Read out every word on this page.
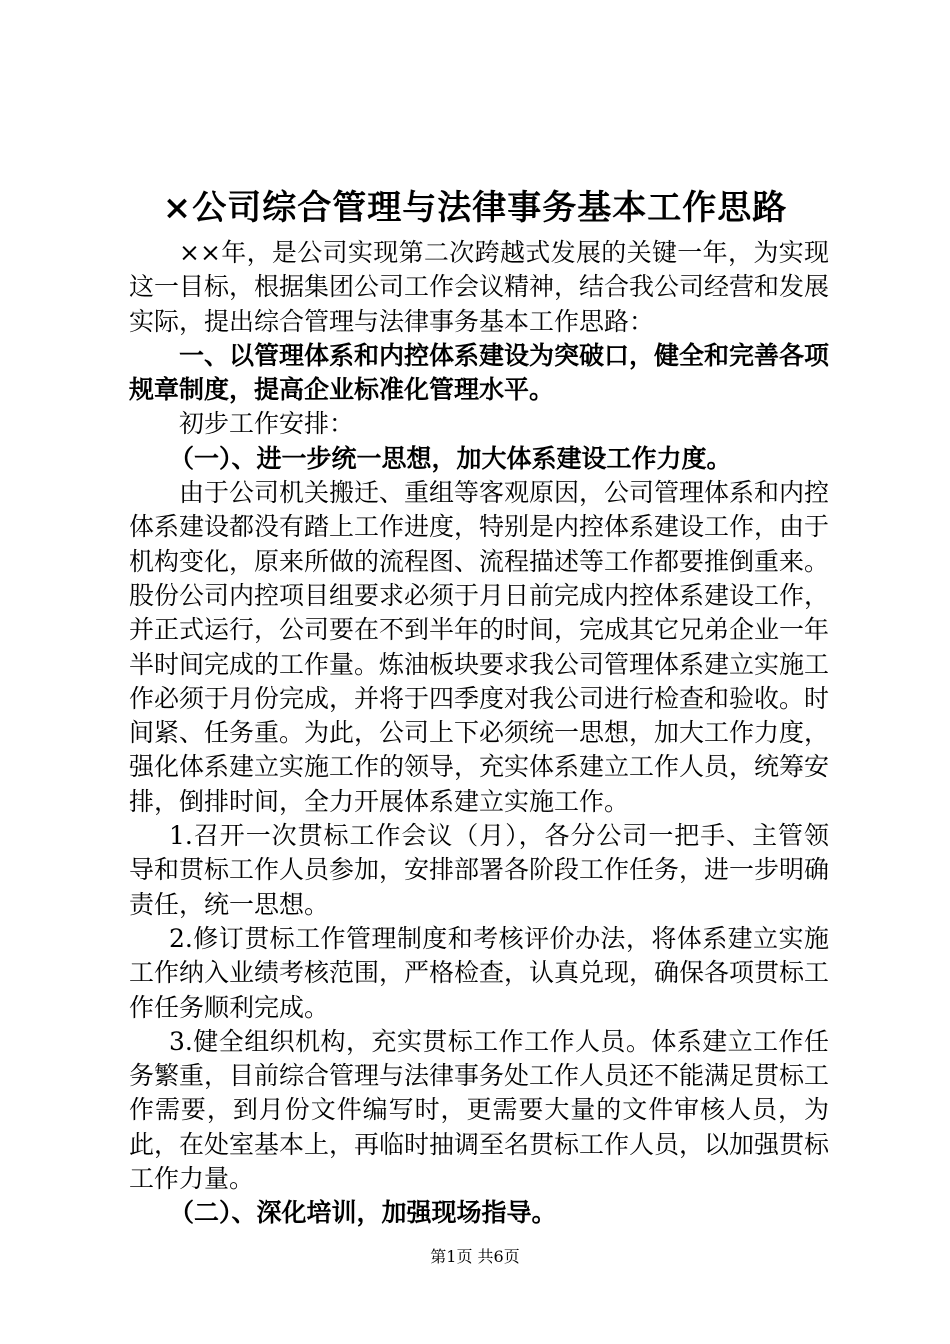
×公司综合管理与法律事务基本工作思路

××年，是公司实现第二次跨越式发展的关键一年，为实现这一目标，根据集团公司工作会议精神，结合我公司经营和发展实际，提出综合管理与法律事务基本工作思路：

一、以管理体系和内控体系建设为突破口，健全和完善各项规章制度，提高企业标准化管理水平。

初步工作安排：

（一）、进一步统一思想，加大体系建设工作力度。

由于公司机关搬迁、重组等客观原因，公司管理体系和内控体系建设都没有踏上工作进度，特别是内控体系建设工作，由于机构变化，原来所做的流程图、流程描述等工作都要推倒重来。股份公司内控项目组要求必须于月日前完成内控体系建设工作，并正式运行，公司要在不到半年的时间，完成其它兄弟企业一年半时间完成的工作量。炼油板块要求我公司管理体系建立实施工作必须于月份完成，并将于四季度对我公司进行检查和验收。时间紧、任务重。为此，公司上下必须统一思想，加大工作力度，强化体系建立实施工作的领导，充实体系建立工作人员，统筹安排，倒排时间，全力开展体系建立实施工作。

1.召开一次贯标工作会议（月），各分公司一把手、主管领导和贯标工作人员参加，安排部署各阶段工作任务，进一步明确责任，统一思想。

2.修订贯标工作管理制度和考核评价办法，将体系建立实施工作纳入业绩考核范围，严格检查，认真兑现，确保各项贯标工作任务顺利完成。

3.健全组织机构，充实贯标工作工作人员。体系建立工作任务繁重，目前综合管理与法律事务处工作人员还不能满足贯标工作需要，到月份文件编写时，更需要大量的文件审核人员，为此，在处室基本上，再临时抽调至名贯标工作人员，以加强贯标工作力量。

（二）、深化培训，加强现场指导。

第1页 共6页
